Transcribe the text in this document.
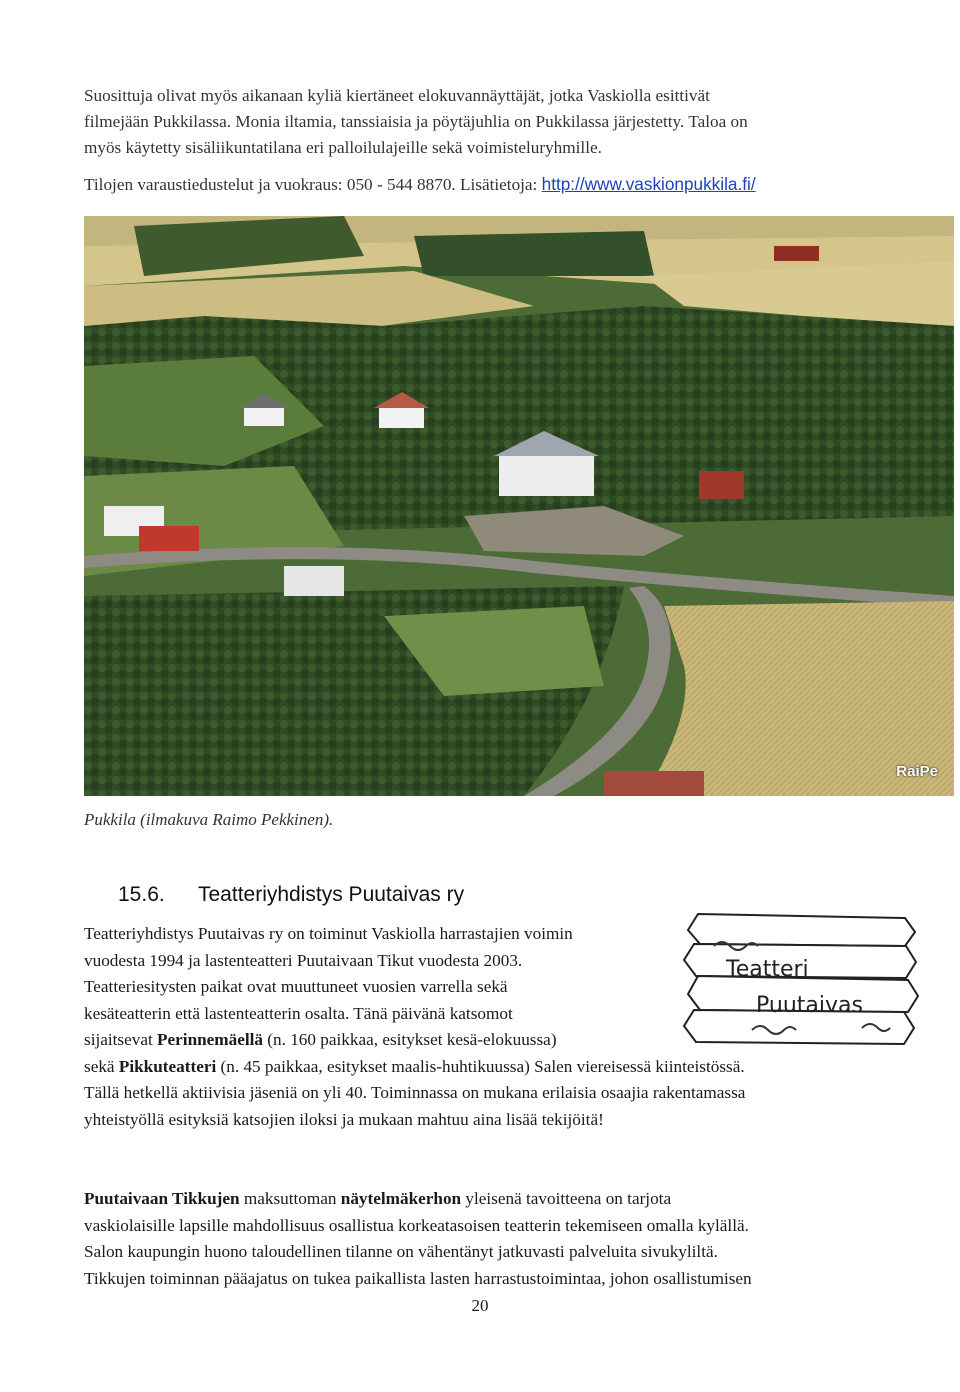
Suosittuja olivat myös aikanaan kyliä kiertäneet elokuvannäyttäjät, jotka Vaskiolla esittivät
filmejään Pukkilassa. Monia iltamia, tanssiaisia ja pöytäjuhlia on Pukkilassa järjestetty. Taloa on
myös käytetty sisäliikuntatilana eri palloilulajeille sekä voimisteluryhmille.
Tilojen varaustiedustelut ja vuokraus: 050 - 544 8870. Lisätietoja: http://www.vaskionpukkila.fi/
RaiPe
Pukkila (ilmakuva Raimo Pekkinen).
15.6. Teatteriyhdistys Puutaivas ry
Teatteri
Puutaivas
Teatteriyhdistys Puutaivas ry on toiminut Vaskiolla harrastajien voimin
vuodesta 1994 ja lastenteatteri Puutaivaan Tikut vuodesta 2003.
Teatteriesitysten paikat ovat muuttuneet vuosien varrella sekä
kesäteatterin että lastenteatterin osalta. Tänä päivänä katsomot
sijaitsevat Perinnemäellä (n. 160 paikkaa, esitykset kesä-elokuussa)
sekä Pikkuteatteri (n. 45 paikkaa, esitykset maalis-huhtikuussa) Salen viereisessä kiinteistössä.
Tällä hetkellä aktiivisia jäseniä on yli 40. Toiminnassa on mukana erilaisia osaajia rakentamassa
yhteistyöllä esityksiä katsojien iloksi ja mukaan mahtuu aina lisää tekijöitä!
Puutaivaan Tikkujen maksuttoman näytelmäkerhon yleisenä tavoitteena on tarjota
vaskiolaisille lapsille mahdollisuus osallistua korkeatasoisen teatterin tekemiseen omalla kylällä.
Salon kaupungin huono taloudellinen tilanne on vähentänyt jatkuvasti palveluita sivukyliltä.
Tikkujen toiminnan pääajatus on tukea paikallista lasten harrastustoimintaa, johon osallistumisen
20
